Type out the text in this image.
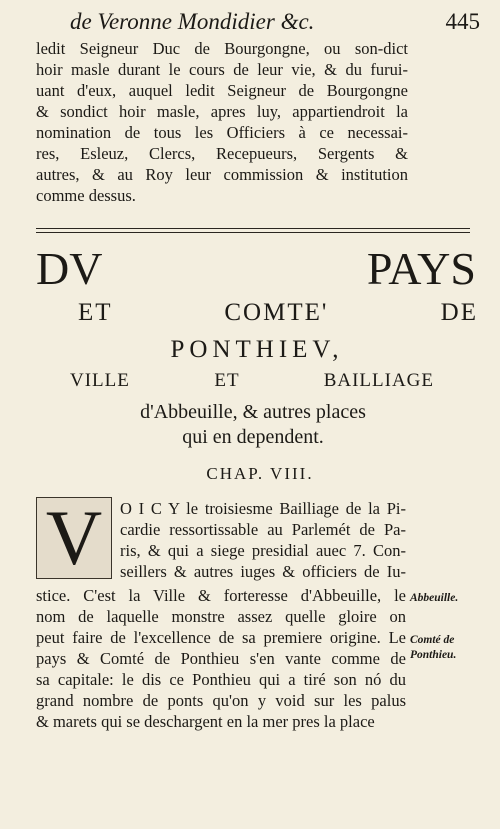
de Veronne Mondidier &c.	445
ledit Seigneur Duc de Bourgongne, ou son-dict
hoir masle durant le cours de leur vie, & du furui-
uant d'eux, auquel ledit Seigneur de Bourgongne
& sondict hoir masle, apres luy, appartiendroit la
nomination de tous les Officiers à ce necessai-
res, Esleuz, Clercs, Recepueurs, Sergents &
autres, & au Roy leur commission & institution
comme dessus.
DV PAYS
ET COMTE' DE
PONTHIEV,
VILLE ET BAILLIAGE
d'Abbeuille, & autres places
qui en dependent.
CHAP. VIII.
V	O I C Y le troisiesme Bailliage de la Pi-
cardie ressortissable au Parlemét de Pa-
ris, & qui a siege presidial auec 7. Con-
seillers & autres iuges & officiers de Iu-
stice. C'est la Ville & forteresse d'Abbeuille, le
nom de laquelle monstre assez quelle gloire on
peut faire de l'excellence de sa premiere origine. Le
pays & Comté de Ponthieu s'en vante comme de
sa capitale: le dis ce Ponthieu qui a tiré son nó du
grand nombre de ponts qu'on y void sur les palus
& marets qui se deschargent en la mer pres la place
Abbeuille.
Comté de
Ponthieu.
